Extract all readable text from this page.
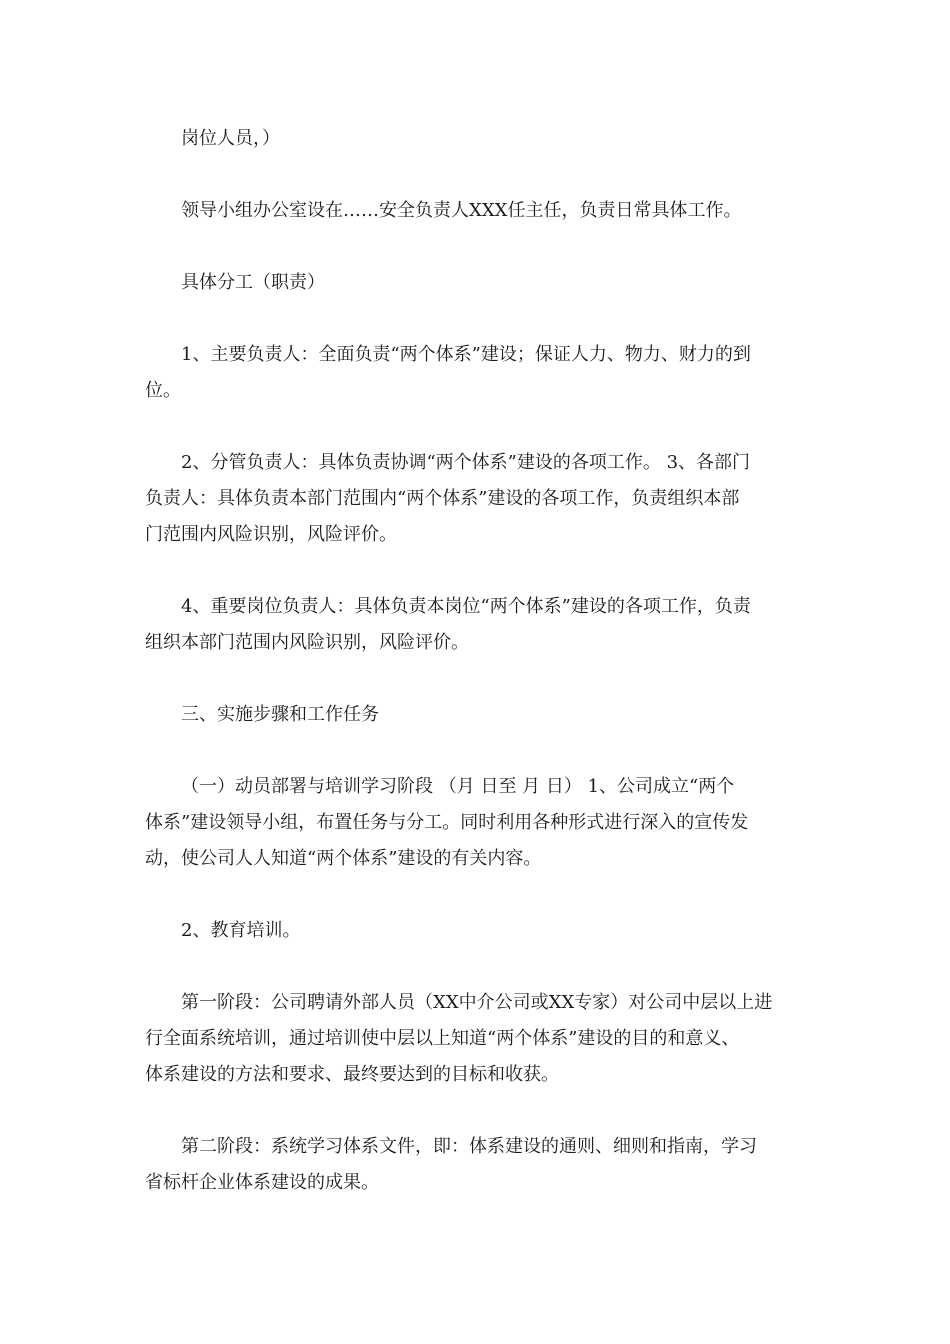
岗位人员，）

领导小组办公室设在……安全负责人XXX任主任，负责日常具体工作。

具体分工（职责）

1、主要负责人：全面负责“两个体系”建设；保证人力、物力、财力的到
位。

2、分管负责人：具体负责协调“两个体系”建设的各项工作。 3、各部门
负责人：具体负责本部门范围内“两个体系”建设的各项工作，负责组织本部
门范围内风险识别，风险评价。

4、重要岗位负责人：具体负责本岗位“两个体系”建设的各项工作，负责
组织本部门范围内风险识别，风险评价。

三、实施步骤和工作任务

（一）动员部署与培训学习阶段 （月 日至 月 日） 1、公司成立“两个
体系”建设领导小组，布置任务与分工。同时利用各种形式进行深入的宣传发
动，使公司人人知道“两个体系”建设的有关内容。

2、教育培训。

第一阶段：公司聘请外部人员（XX中介公司或XX专家）对公司中层以上进
行全面系统培训，通过培训使中层以上知道“两个体系”建设的目的和意义、
体系建设的方法和要求、最终要达到的目标和收获。

第二阶段：系统学习体系文件，即：体系建设的通则、细则和指南，学习
省标杆企业体系建设的成果。
